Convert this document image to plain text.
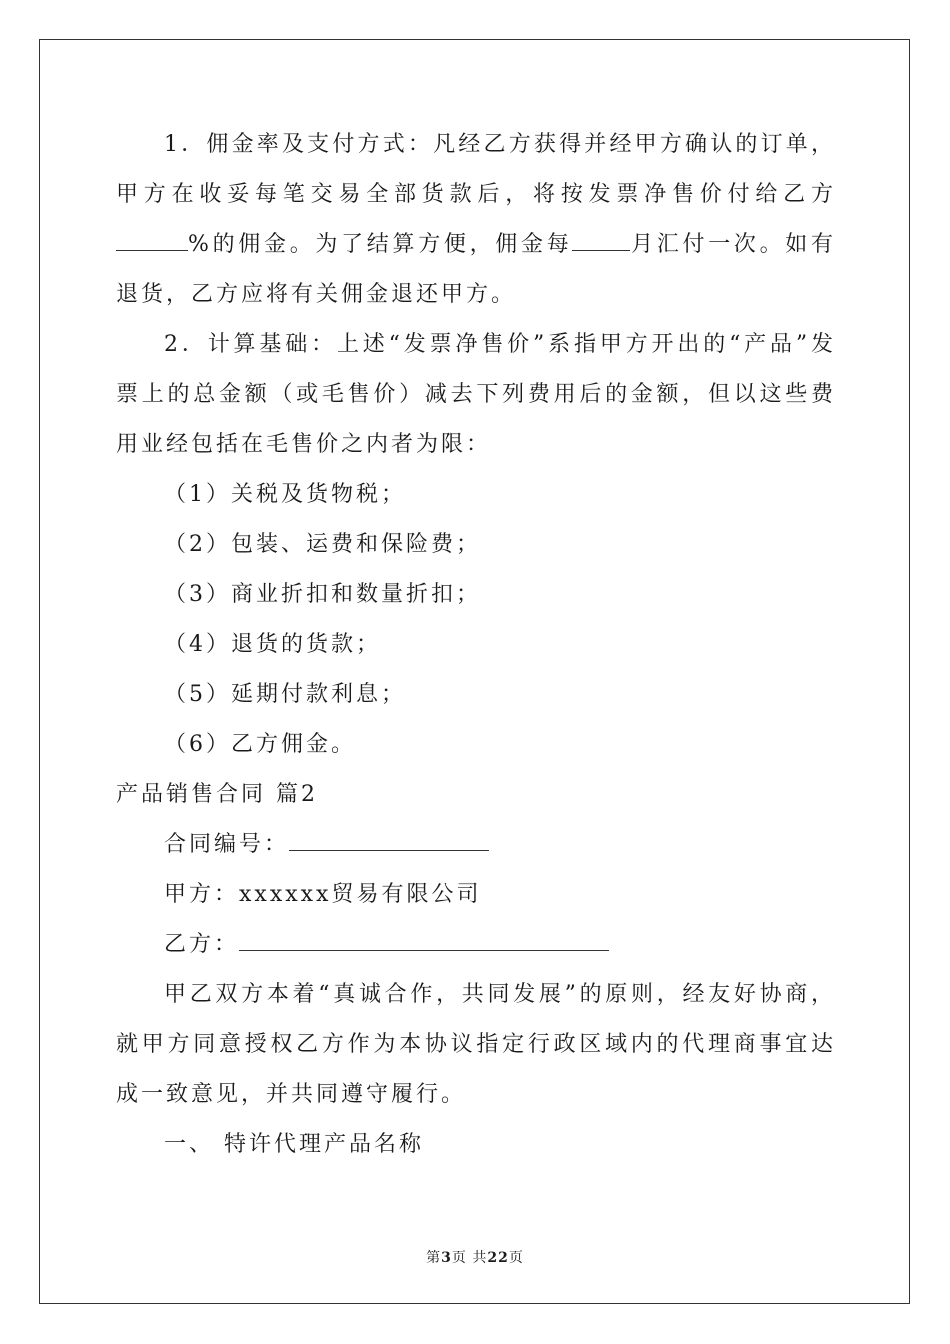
1．佣金率及支付方式：凡经乙方获得并经甲方确认的订单，甲方在收妥每笔交易全部货款后，将按发票净售价付给乙方%的佣金。为了结算方便，佣金每	月汇付一次。如有退货，乙方应将有关佣金退还甲方。

2．计算基础：上述“发票净售价”系指甲方开出的“产品”发票上的总金额（或毛售价）减去下列费用后的金额，但以这些费用业经包括在毛售价之内者为限：

（1）关税及货物税；

（2）包装、运费和保险费；

（3）商业折扣和数量折扣；

（4）退货的货款；

（5）延期付款利息；

（6）乙方佣金。

产品销售合同 篇2

合同编号：

甲方：xxxxxx贸易有限公司

乙方：

甲乙双方本着“真诚合作，共同发展”的原则，经友好协商，就甲方同意授权乙方作为本协议指定行政区域内的代理商事宜达成一致意见，并共同遵守履行。

一、 特许代理产品名称

第3页 共22页
